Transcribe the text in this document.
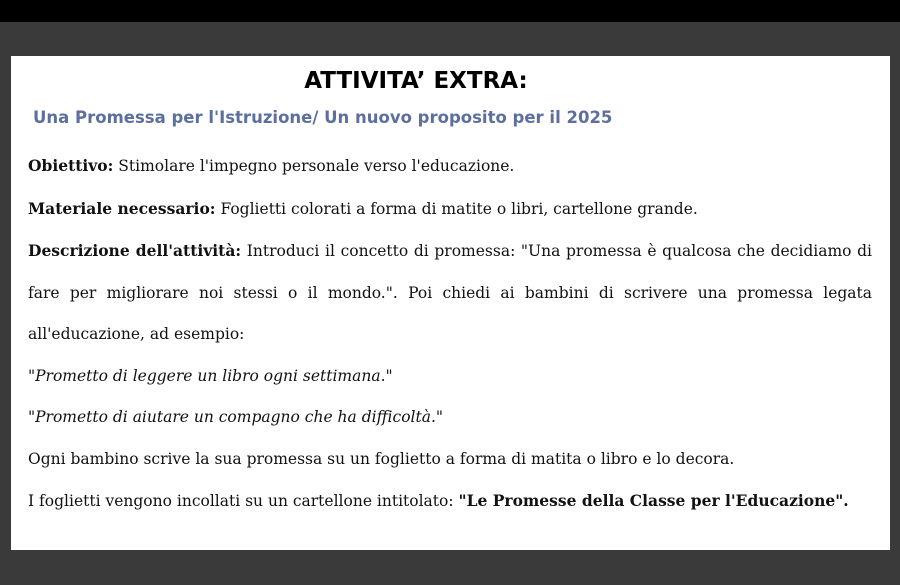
ATTIVITA’ EXTRA:
Una Promessa per l'Istruzione/ Un nuovo proposito per il 2025

Obiettivo: Stimolare l'impegno personale verso l'educazione.

Materiale necessario: Foglietti colorati a forma di matite o libri, cartellone grande.

Descrizione dell'attività: Introduci il concetto di promessa: "Una promessa è qualcosa che decidiamo di fare per migliorare noi stessi o il mondo.". Poi chiedi ai bambini di scrivere una promessa legata all'educazione, ad esempio:

"Prometto di leggere un libro ogni settimana."

"Prometto di aiutare un compagno che ha difficoltà."

Ogni bambino scrive la sua promessa su un foglietto a forma di matita o libro e lo decora.

I foglietti vengono incollati su un cartellone intitolato: "Le Promesse della Classe per l'Educazione".
